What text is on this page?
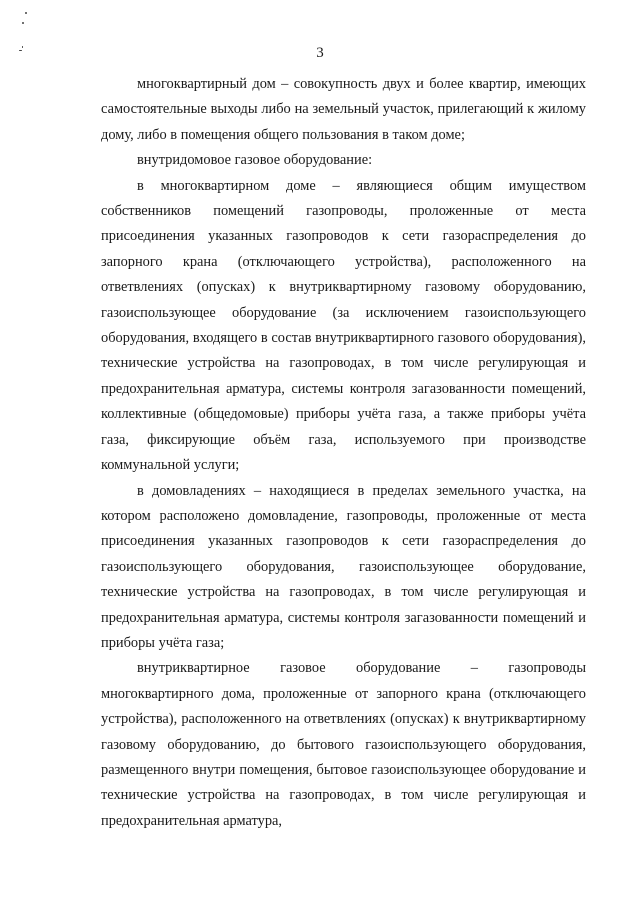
3

многоквартирный дом – совокупность двух и более квартир, имеющих самостоятельные выходы либо на земельный участок, прилегающий к жилому дому, либо в помещения общего пользования в таком доме;

внутридомовое газовое оборудование:

в многоквартирном доме – являющиеся общим имуществом собственников помещений газопроводы, проложенные от места присоединения указанных газопроводов к сети газораспределения до запорного крана (отключающего устройства), расположенного на ответвлениях (опусках) к внутриквартирному газовому оборудованию, газоиспользующее оборудование (за исключением газоиспользующего оборудования, входящего в состав внутриквартирного газового оборудования), технические устройства на газопроводах, в том числе регулирующая и предохранительная арматура, системы контроля загазованности помещений, коллективные (общедомовые) приборы учёта газа, а также приборы учёта газа, фиксирующие объём газа, используемого при производстве коммунальной услуги;

в домовладениях – находящиеся в пределах земельного участка, на котором расположено домовладение, газопроводы, проложенные от места присоединения указанных газопроводов к сети газораспределения до газоиспользующего оборудования, газоиспользующее оборудование, технические устройства на газопроводах, в том числе регулирующая и предохранительная арматура, системы контроля загазованности помещений и приборы учёта газа;

внутриквартирное газовое оборудование – газопроводы многоквартирного дома, проложенные от запорного крана (отключающего устройства), расположенного на ответвлениях (опусках) к внутриквартирному газовому оборудованию, до бытового газоиспользующего оборудования, размещенного внутри помещения, бытовое газоиспользующее оборудование и технические устройства на газопроводах, в том числе регулирующая и предохранительная арматура,
